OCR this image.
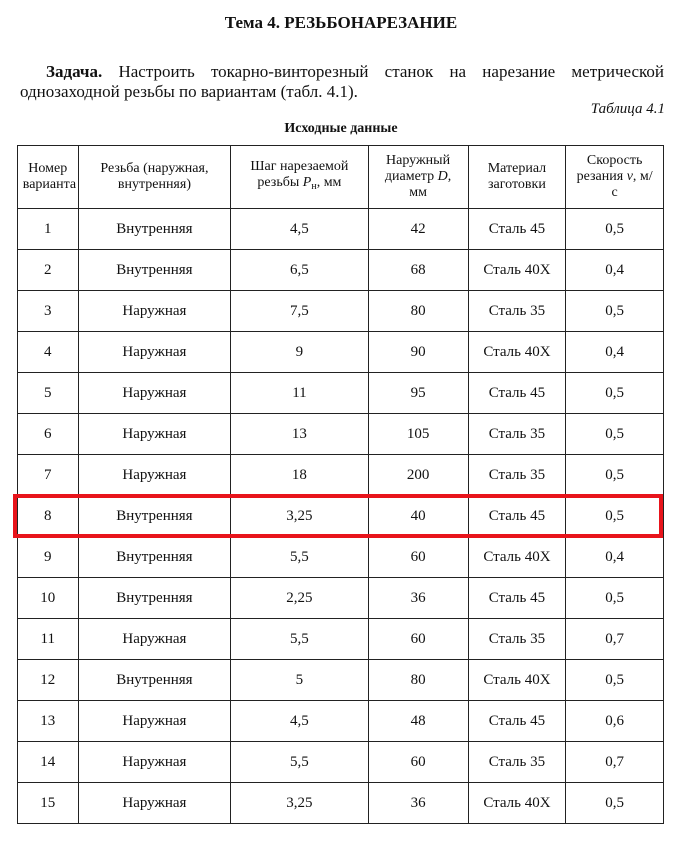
Тема 4. РЕЗЬБОНАРЕЗАНИЕ
Задача. Настроить токарно-винторезный станок на нарезание метрической однозаходной резьбы по вариантам (табл. 4.1).
Таблица 4.1
Исходные данные
Номер варианта	Резьба (наружная, внутренняя)	Шаг нарезаемой резьбы $P_н$, мм	Наружный диаметр D, мм	Материал заготовки	Скорость резания v, м/с
1	Внутренняя	4,5	42	Сталь 45	0,5
2	Внутренняя	6,5	68	Сталь 40Х	0,4
3	Наружная	7,5	80	Сталь 35	0,5
4	Наружная	9	90	Сталь 40Х	0,4
5	Наружная	11	95	Сталь 45	0,5
6	Наружная	13	105	Сталь 35	0,5
7	Наружная	18	200	Сталь 35	0,5
8	Внутренняя	3,25	40	Сталь 45	0,5
9	Внутренняя	5,5	60	Сталь 40Х	0,4
10	Внутренняя	2,25	36	Сталь 45	0,5
11	Наружная	5,5	60	Сталь 35	0,7
12	Внутренняя	5	80	Сталь 40Х	0,5
13	Наружная	4,5	48	Сталь 45	0,6
14	Наружная	5,5	60	Сталь 35	0,7
15	Наружная	3,25	36	Сталь 40Х	0,5
